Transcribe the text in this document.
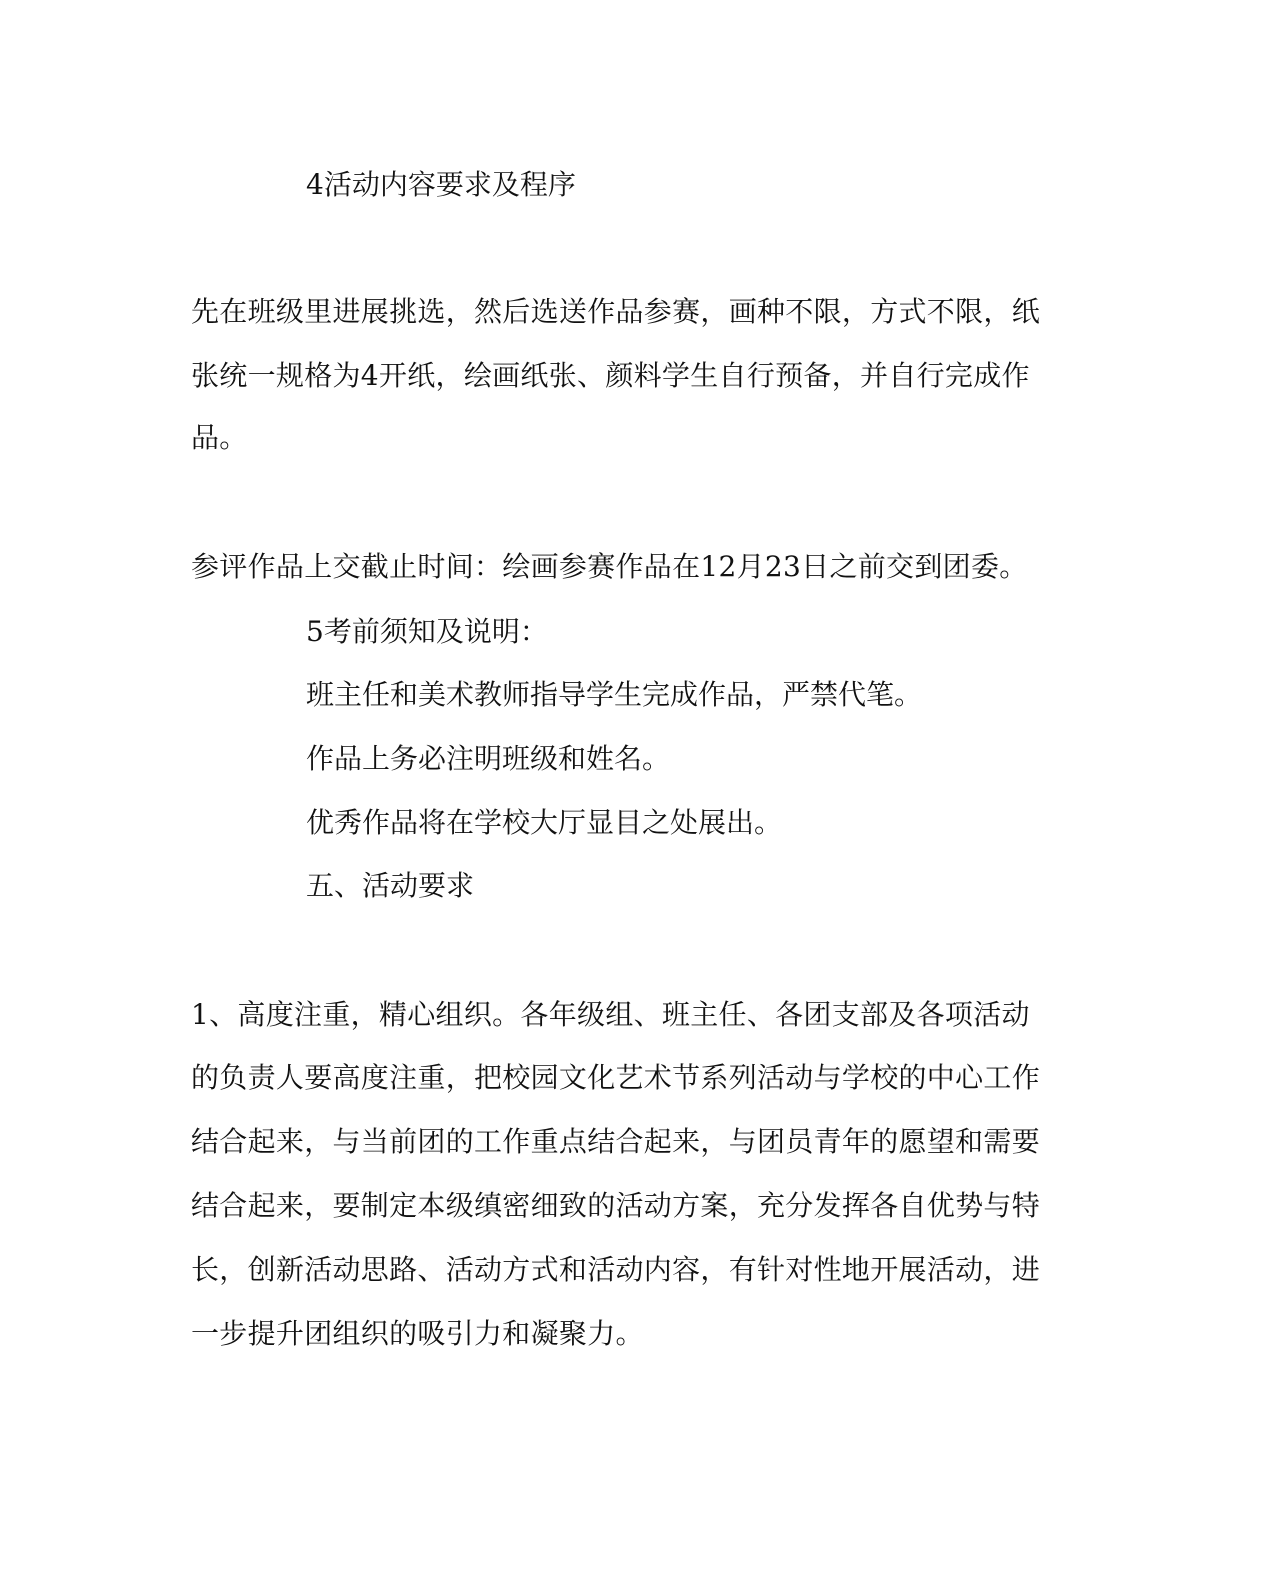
4活动内容要求及程序

先在班级里进展挑选，然后选送作品参赛，画种不限，方式不限，纸

张统一规格为4开纸，绘画纸张、颜料学生自行预备，并自行完成作

品。

参评作品上交截止时间：绘画参赛作品在12月23日之前交到团委。

5考前须知及说明：

班主任和美术教师指导学生完成作品，严禁代笔。

作品上务必注明班级和姓名。

优秀作品将在学校大厅显目之处展出。

五、活动要求

1、高度注重，精心组织。各年级组、班主任、各团支部及各项活动

的负责人要高度注重，把校园文化艺术节系列活动与学校的中心工作

结合起来，与当前团的工作重点结合起来，与团员青年的愿望和需要

结合起来，要制定本级缜密细致的活动方案，充分发挥各自优势与特

长，创新活动思路、活动方式和活动内容，有针对性地开展活动，进

一步提升团组织的吸引力和凝聚力。
